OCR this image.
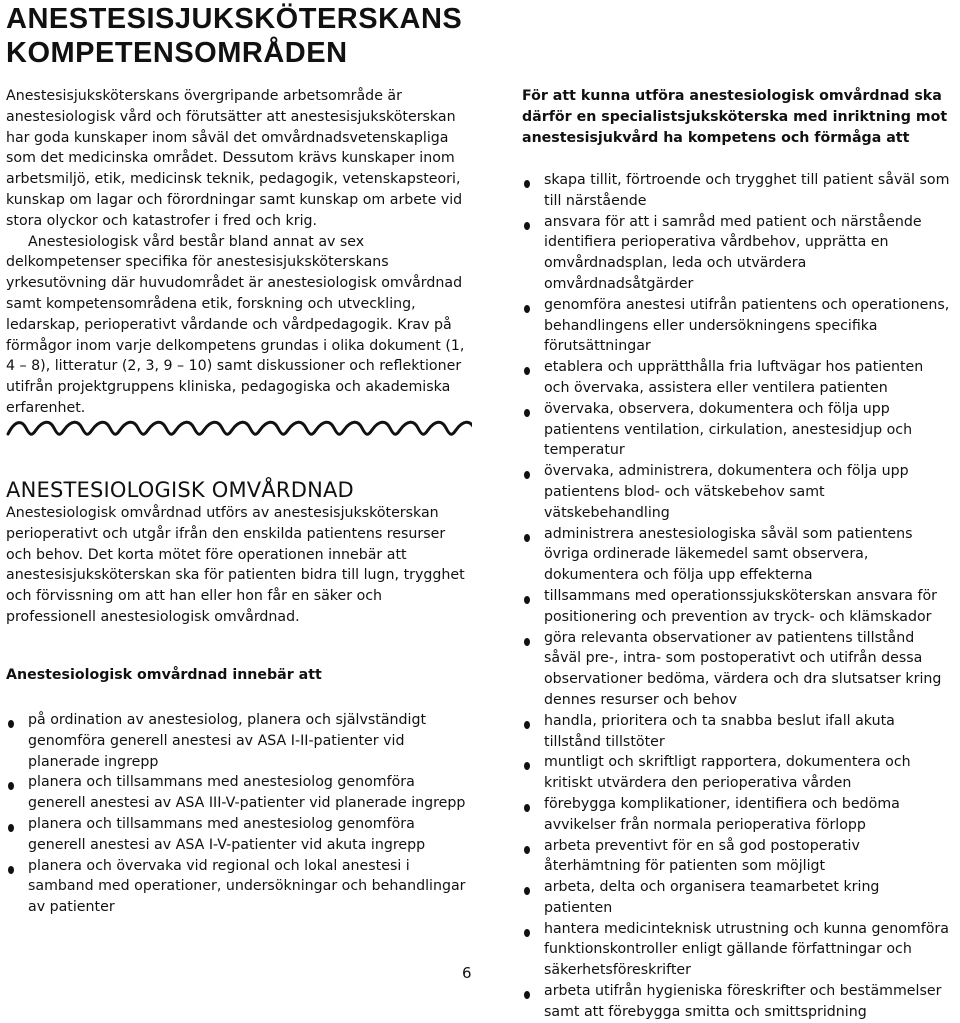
ANESTESISJUKSKÖTERSKANS
KOMPETENSOMRÅDEN

Anestesisjuksköterskans övergripande arbetsområde är anestesiologisk vård och förutsätter att anestesisjuksköterskan har goda kunskaper inom såväl det omvårdnadsvetenskapliga som det medicinska området. Dessutom krävs kunskaper inom arbetsmiljö, etik, medicinsk teknik, pedagogik, vetenskapsteori, kunskap om lagar och förordningar samt kunskap om arbete vid stora olyckor och katastrofer i fred och krig.

Anestesiologisk vård består bland annat av sex delkompetenser specifika för anestesisjuksköterskans yrkesutövning där huvudområdet är anestesiologisk omvårdnad samt kompetensområdena etik, forskning och utveckling, ledarskap, perioperativt vårdande och vårdpedagogik. Krav på förmågor inom varje delkompetens grundas i olika dokument (1, 4 – 8), litteratur (2, 3, 9 – 10) samt diskussioner och reflektioner utifrån projektgruppens kliniska, pedagogiska och akademiska erfarenhet.

ANESTESIOLOGISK OMVÅRDNAD

Anestesiologisk omvårdnad utförs av anestesisjuksköterskan perioperativt och utgår ifrån den enskilda patientens resurser och behov. Det korta mötet före operationen innebär att anestesisjuksköterskan ska för patienten bidra till lugn, trygghet och förvissning om att han eller hon får en säker och professionell anestesiologisk omvårdnad.

Anestesiologisk omvårdnad innebär att
på ordination av anestesiolog, planera och självständigt genomföra generell anestesi av ASA I-II-patienter vid planerade ingrepp
planera och tillsammans med anestesiolog genomföra generell anestesi av ASA III-V-patienter vid planerade ingrepp
planera och tillsammans med anestesiolog genomföra generell anestesi av ASA I-V-patienter vid akuta ingrepp
planera och övervaka vid regional och lokal anestesi i samband med operationer, undersökningar och behandlingar av patienter

För att kunna utföra anestesiologisk omvårdnad ska därför en specialistsjuksköterska med inriktning mot anestesisjukvård ha kompetens och förmåga att

skapa tillit, förtroende och trygghet till patient såväl som till närstående
ansvara för att i samråd med patient och närstående identifiera perioperativa vårdbehov, upprätta en omvårdnadsplan, leda och utvärdera omvårdnadsåtgärder
genomföra anestesi utifrån patientens och operationens, behandlingens eller undersökningens specifika förutsättningar
etablera och upprätthålla fria luftvägar hos patienten och övervaka, assistera eller ventilera patienten
övervaka, observera, dokumentera och följa upp patientens ventilation, cirkulation, anestesidjup och temperatur
övervaka, administrera, dokumentera och följa upp patientens blod- och vätskebehov samt vätskebehandling
administrera anestesiologiska såväl som patientens övriga ordinerade läkemedel samt observera, dokumentera och följa upp effekterna
tillsammans med operationssjuksköterskan ansvara för positionering och prevention av tryck- och klämskador
göra relevanta observationer av patientens tillstånd såväl pre-, intra- som postoperativt och utifrån dessa observationer bedöma, värdera och dra slutsatser kring dennes resurser och behov
handla, prioritera och ta snabba beslut ifall akuta tillstånd tillstöter
muntligt och skriftligt rapportera, dokumentera och kritiskt utvärdera den perioperativa vården
förebygga komplikationer, identifiera och bedöma avvikelser från normala perioperativa förlopp
arbeta preventivt för en så god postoperativ återhämtning för patienten som möjligt
arbeta, delta och organisera teamarbetet kring patienten
hantera medicinteknisk utrustning och kunna genomföra funktionskontroller enligt gällande författningar och säkerhetsföreskrifter
arbeta utifrån hygieniska föreskrifter och bestämmelser samt att förebygga smitta och smittspridning
6
